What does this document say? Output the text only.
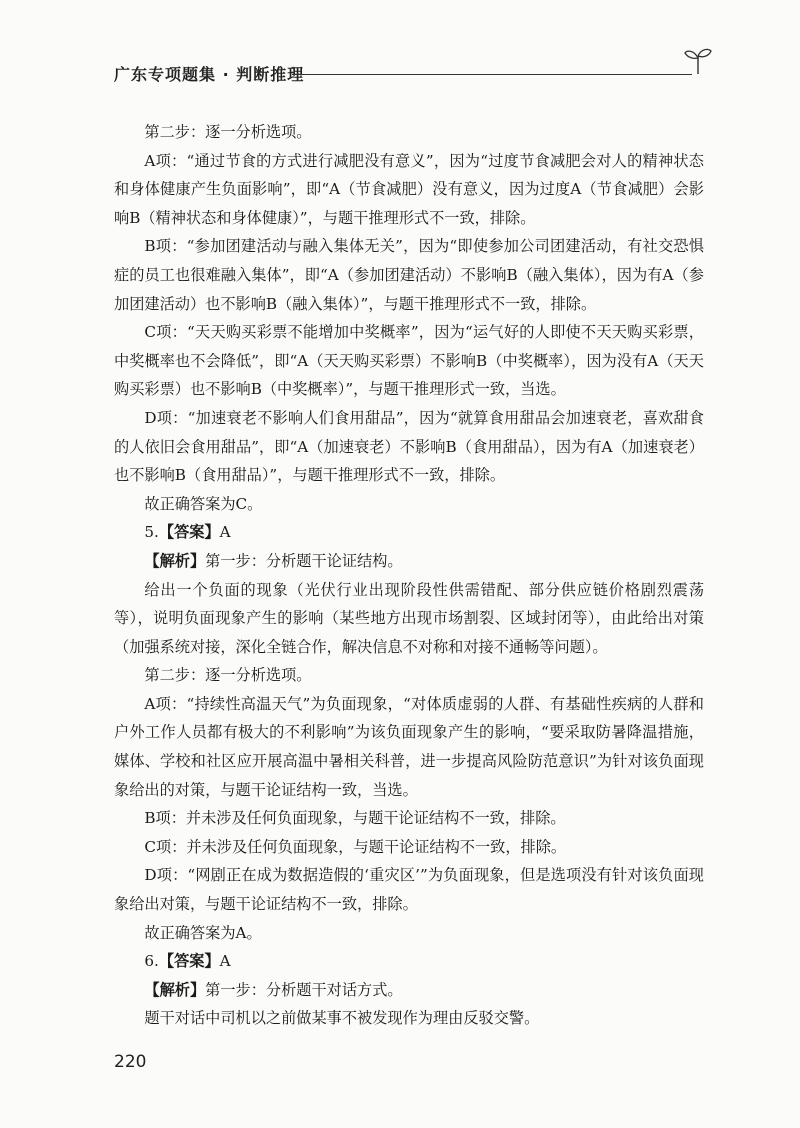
广东专项题集 · 判断推理

第二步：逐一分析选项。

A项：“通过节食的方式进行减肥没有意义”，因为“过度节食减肥会对人的精神状态和身体健康产生负面影响”，即“A（节食减肥）没有意义，因为过度A（节食减肥）会影响B（精神状态和身体健康）”，与题干推理形式不一致，排除。

B项：“参加团建活动与融入集体无关”，因为“即使参加公司团建活动，有社交恐惧症的员工也很难融入集体”，即“A（参加团建活动）不影响B（融入集体），因为有A（参加团建活动）也不影响B（融入集体）”，与题干推理形式不一致，排除。

C项：“天天购买彩票不能增加中奖概率”，因为“运气好的人即使不天天购买彩票，中奖概率也不会降低”，即“A（天天购买彩票）不影响B（中奖概率），因为没有A（天天购买彩票）也不影响B（中奖概率）”，与题干推理形式一致，当选。

D项：“加速衰老不影响人们食用甜品”，因为“就算食用甜品会加速衰老，喜欢甜食的人依旧会食用甜品”，即“A（加速衰老）不影响B（食用甜品），因为有A（加速衰老）也不影响B（食用甜品）”，与题干推理形式不一致，排除。

故正确答案为C。

5.【答案】A

【解析】第一步：分析题干论证结构。

给出一个负面的现象（光伏行业出现阶段性供需错配、部分供应链价格剧烈震荡等），说明负面现象产生的影响（某些地方出现市场割裂、区域封闭等），由此给出对策（加强系统对接，深化全链合作，解决信息不对称和对接不通畅等问题）。

第二步：逐一分析选项。

A项：“持续性高温天气”为负面现象，“对体质虚弱的人群、有基础性疾病的人群和户外工作人员都有极大的不利影响”为该负面现象产生的影响，“要采取防暑降温措施，媒体、学校和社区应开展高温中暑相关科普，进一步提高风险防范意识”为针对该负面现象给出的对策，与题干论证结构一致，当选。

B项：并未涉及任何负面现象，与题干论证结构不一致，排除。

C项：并未涉及任何负面现象，与题干论证结构不一致，排除。

D项：“网剧正在成为数据造假的‘重灾区’”为负面现象，但是选项没有针对该负面现象给出对策，与题干论证结构不一致，排除。

故正确答案为A。

6.【答案】A

【解析】第一步：分析题干对话方式。

题干对话中司机以之前做某事不被发现作为理由反驳交警。

220
